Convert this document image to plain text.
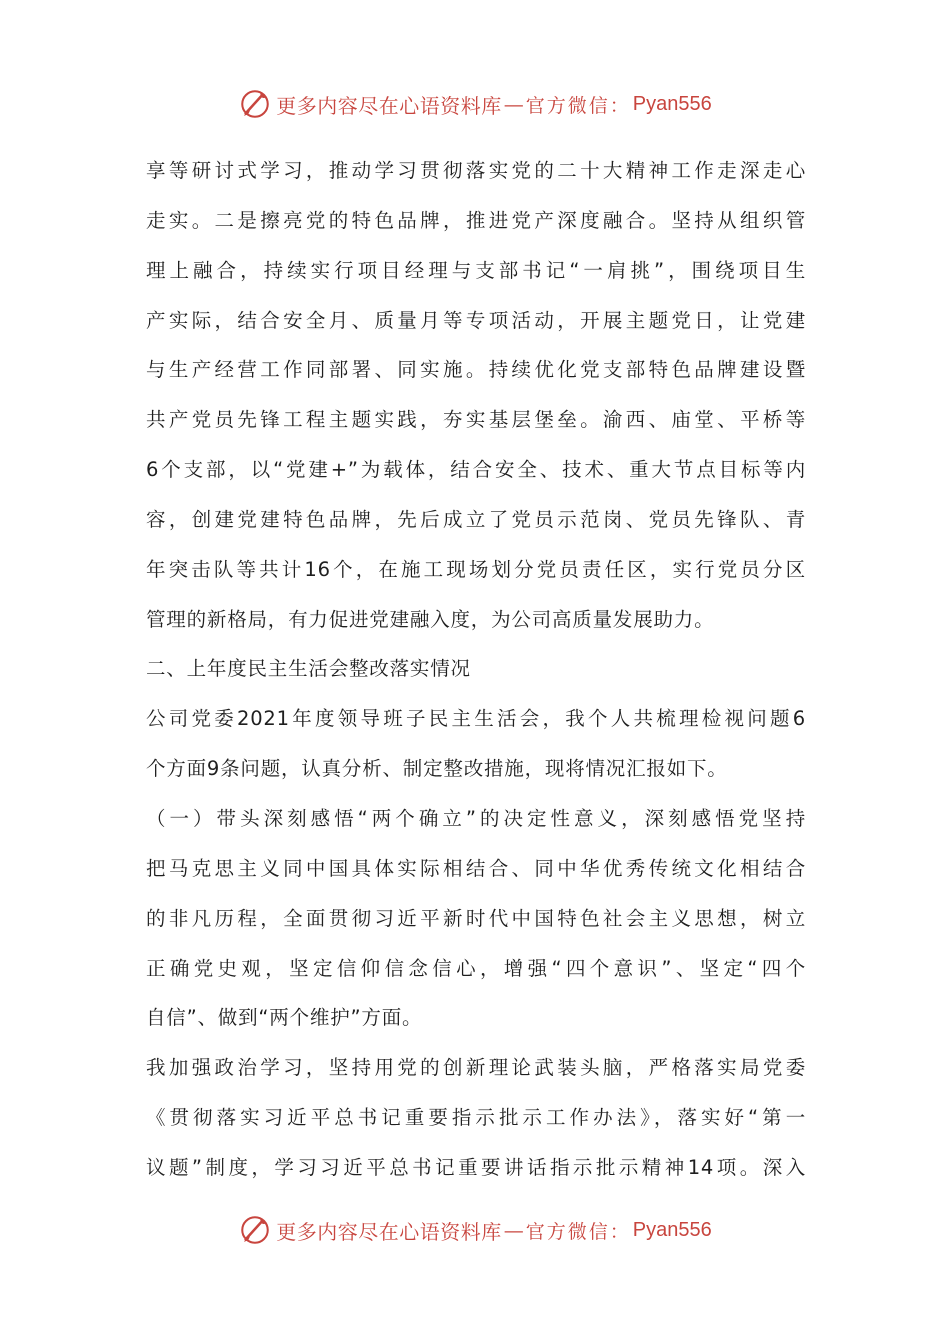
更多内容尽在心语资料库 — 官方微信： Pyan556
享等研讨式学习，推动学习贯彻落实党的二十大精神工作走深走心
走实。二是擦亮党的特色品牌，推进党产深度融合。坚持从组织管
理上融合，持续实行项目经理与支部书记“一肩挑”，围绕项目生
产实际，结合安全月、质量月等专项活动，开展主题党日，让党建
与生产经营工作同部署、同实施。持续优化党支部特色品牌建设暨
共产党员先锋工程主题实践，夯实基层堡垒。渝西、庙堂、平桥等
6个支部，以“党建+”为载体，结合安全、技术、重大节点目标等内
容，创建党建特色品牌，先后成立了党员示范岗、党员先锋队、青
年突击队等共计16个，在施工现场划分党员责任区，实行党员分区
管理的新格局，有力促进党建融入度，为公司高质量发展助力。
二、上年度民主生活会整改落实情况
公司党委2021年度领导班子民主生活会，我个人共梳理检视问题6
个方面9条问题，认真分析、制定整改措施，现将情况汇报如下。
（一）带头深刻感悟“两个确立”的决定性意义，深刻感悟党坚持
把马克思主义同中国具体实际相结合、同中华优秀传统文化相结合
的非凡历程，全面贯彻习近平新时代中国特色社会主义思想，树立
正确党史观，坚定信仰信念信心，增强“四个意识”、坚定“四个
自信”、做到“两个维护”方面。
我加强政治学习，坚持用党的创新理论武装头脑，严格落实局党委
《贯彻落实习近平总书记重要指示批示工作办法》，落实好“第一
议题”制度，学习习近平总书记重要讲话指示批示精神14项。深入
更多内容尽在心语资料库 — 官方微信： Pyan556
